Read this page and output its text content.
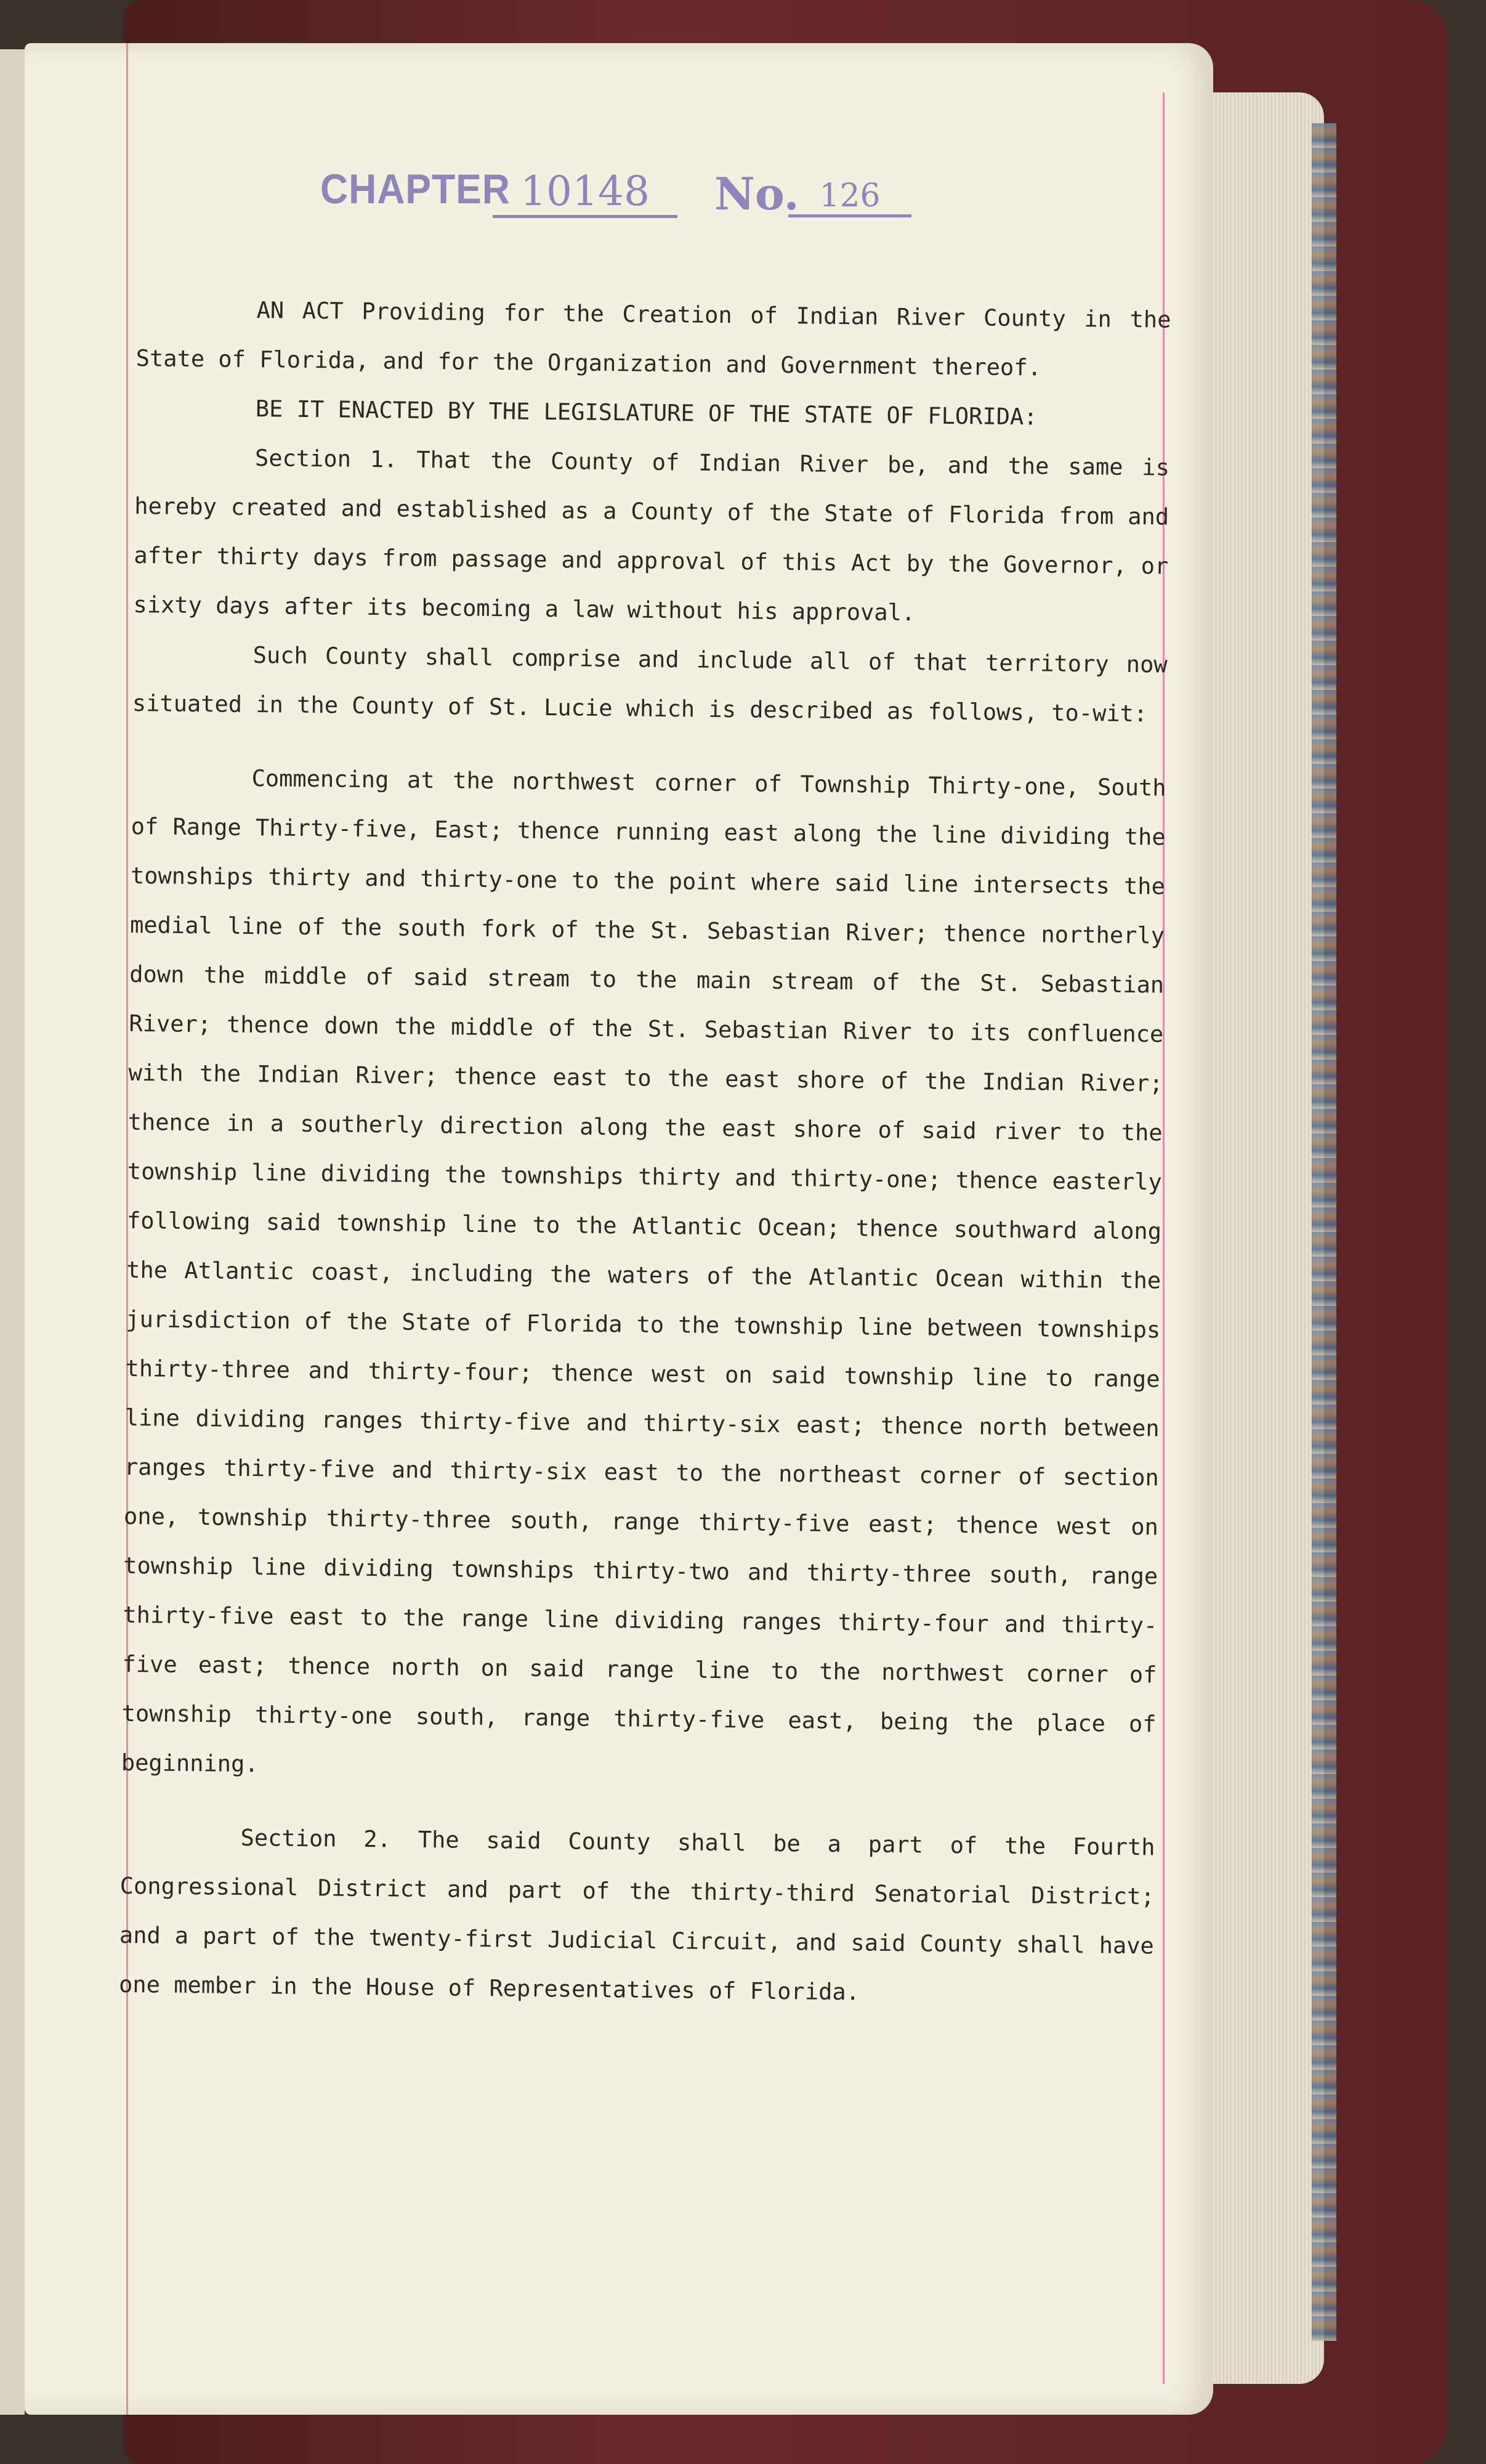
CHAPTER 10148	No. 126

AN ACT Providing for the Creation of Indian River County in the State of Florida, and for the Organization and Government thereof.

BE IT ENACTED BY THE LEGISLATURE OF THE STATE OF FLORIDA:

Section 1. That the County of Indian River be, and the same is hereby created and established as a County of the State of Florida from and after thirty days from passage and approval of this Act by the Governor, or sixty days after its becoming a law without his approval.

Such County shall comprise and include all of that territory now situated in the County of St. Lucie which is described as follows, to-wit:

Commencing at the northwest corner of Township Thirty-one, South of Range Thirty-five, East; thence running east along the line dividing the townships thirty and thirty-one to the point where said line intersects the medial line of the south fork of the St. Sebastian River; thence northerly down the middle of said stream to the main stream of the St. Sebastian River; thence down the middle of the St. Sebastian River to its confluence with the Indian River; thence east to the east shore of the Indian River; thence in a southerly direction along the east shore of said river to the township line dividing the townships thirty and thirty-one; thence easterly following said township line to the Atlantic Ocean; thence southward along the Atlantic coast, including the waters of the Atlantic Ocean within the jurisdiction of the State of Florida to the township line between townships thirty-three and thirty-four; thence west on said township line to range line dividing ranges thirty-five and thirty-six east; thence north between ranges thirty-five and thirty-six east to the northeast corner of section one, township thirty-three south, range thirty-five east; thence west on township line dividing townships thirty-two and thirty-three south, range thirty-five east to the range line dividing ranges thirty-four and thirty-five east; thence north on said range line to the northwest corner of township thirty-one south, range thirty-five east, being the place of beginning.

Section 2. The said County shall be a part of the Fourth Congressional District and part of the thirty-third Senatorial District; and a part of the twenty-first Judicial Circuit, and said County shall have one member in the House of Representatives of Florida.
